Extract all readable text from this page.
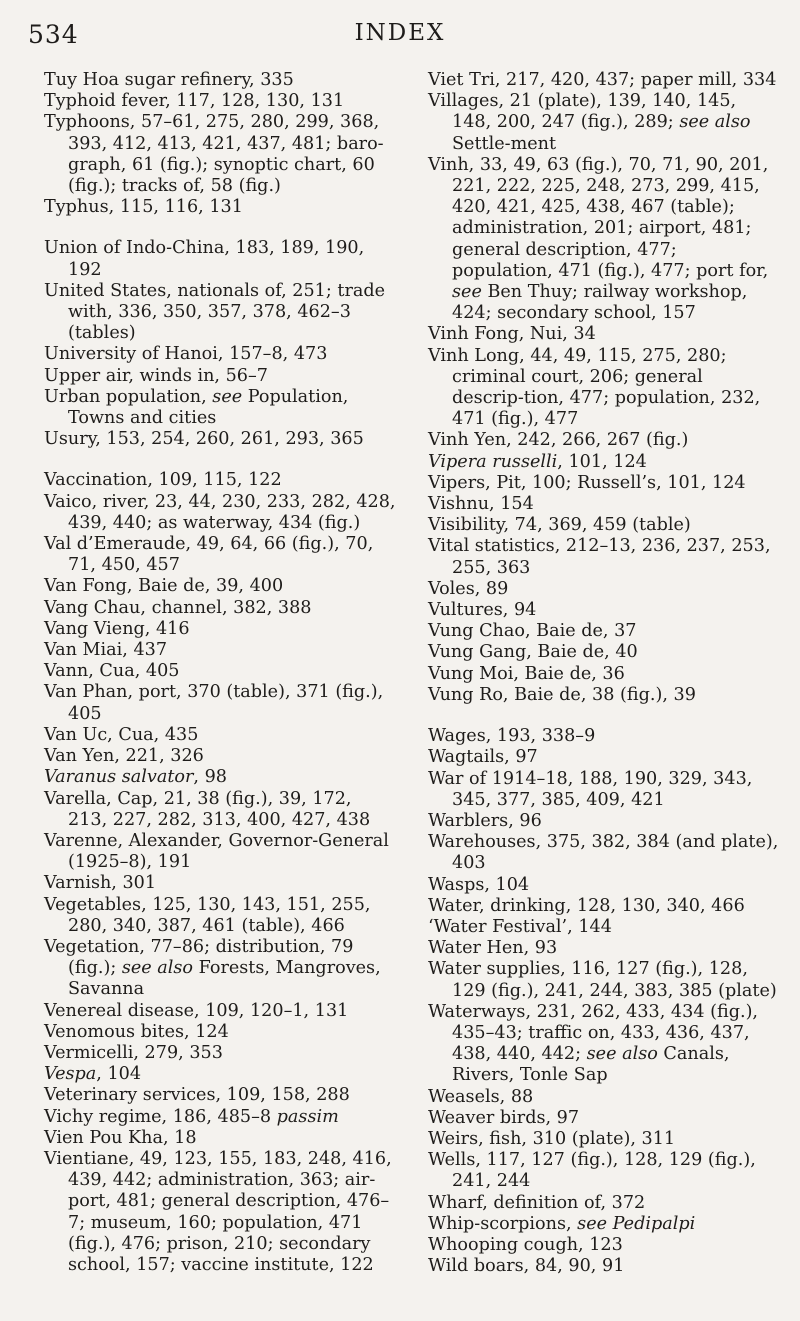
534	INDEX

Tuy Hoa sugar refinery, 335

Typhoid fever, 117, 128, 130, 131

Typhoons, 57–61, 275, 280, 299, 368, 393, 412, 413, 421, 437, 481; baro-graph, 61 (fig.); synoptic chart, 60 (fig.); tracks of, 58 (fig.)

Typhus, 115, 116, 131

Union of Indo-China, 183, 189, 190, 192

United States, nationals of, 251; trade with, 336, 350, 357, 378, 462–3 (tables)

University of Hanoi, 157–8, 473

Upper air, winds in, 56–7

Urban population, see Population, Towns and cities

Usury, 153, 254, 260, 261, 293, 365

Vaccination, 109, 115, 122

Vaico, river, 23, 44, 230, 233, 282, 428, 439, 440; as waterway, 434 (fig.)

Val d’Emeraude, 49, 64, 66 (fig.), 70, 71, 450, 457

Van Fong, Baie de, 39, 400

Vang Chau, channel, 382, 388

Vang Vieng, 416

Van Miai, 437

Vann, Cua, 405

Van Phan, port, 370 (table), 371 (fig.), 405

Van Uc, Cua, 435

Van Yen, 221, 326

Varanus salvator, 98

Varella, Cap, 21, 38 (fig.), 39, 172, 213, 227, 282, 313, 400, 427, 438

Varenne, Alexander, Governor-General (1925–8), 191

Varnish, 301

Vegetables, 125, 130, 143, 151, 255, 280, 340, 387, 461 (table), 466

Vegetation, 77–86; distribution, 79 (fig.); see also Forests, Mangroves, Savanna

Venereal disease, 109, 120–1, 131

Venomous bites, 124

Vermicelli, 279, 353

Vespa, 104

Veterinary services, 109, 158, 288

Vichy regime, 186, 485–8 passim

Vien Pou Kha, 18

Vientiane, 49, 123, 155, 183, 248, 416, 439, 442; administration, 363; air-port, 481; general description, 476–7; museum, 160; population, 471 (fig.), 476; prison, 210; secondary school, 157; vaccine institute, 122

Viet Tri, 217, 420, 437; paper mill, 334

Villages, 21 (plate), 139, 140, 145, 148, 200, 247 (fig.), 289; see also Settle-ment

Vinh, 33, 49, 63 (fig.), 70, 71, 90, 201, 221, 222, 225, 248, 273, 299, 415, 420, 421, 425, 438, 467 (table); administration, 201; airport, 481; general description, 477; population, 471 (fig.), 477; port for, see Ben Thuy; railway workshop, 424; secondary school, 157

Vinh Fong, Nui, 34

Vinh Long, 44, 49, 115, 275, 280; criminal court, 206; general descrip-tion, 477; population, 232, 471 (fig.), 477

Vinh Yen, 242, 266, 267 (fig.)

Vipera russelli, 101, 124

Vipers, Pit, 100; Russell’s, 101, 124

Vishnu, 154

Visibility, 74, 369, 459 (table)

Vital statistics, 212–13, 236, 237, 253, 255, 363

Voles, 89

Vultures, 94

Vung Chao, Baie de, 37

Vung Gang, Baie de, 40

Vung Moi, Baie de, 36

Vung Ro, Baie de, 38 (fig.), 39

Wages, 193, 338–9

Wagtails, 97

War of 1914–18, 188, 190, 329, 343, 345, 377, 385, 409, 421

Warblers, 96

Warehouses, 375, 382, 384 (and plate), 403

Wasps, 104

Water, drinking, 128, 130, 340, 466

‘Water Festival’, 144

Water Hen, 93

Water supplies, 116, 127 (fig.), 128, 129 (fig.), 241, 244, 383, 385 (plate)

Waterways, 231, 262, 433, 434 (fig.), 435–43; traffic on, 433, 436, 437, 438, 440, 442; see also Canals, Rivers, Tonle Sap

Weasels, 88

Weaver birds, 97

Weirs, fish, 310 (plate), 311

Wells, 117, 127 (fig.), 128, 129 (fig.), 241, 244

Wharf, definition of, 372

Whip-scorpions, see Pedipalpi

Whooping cough, 123

Wild boars, 84, 90, 91
